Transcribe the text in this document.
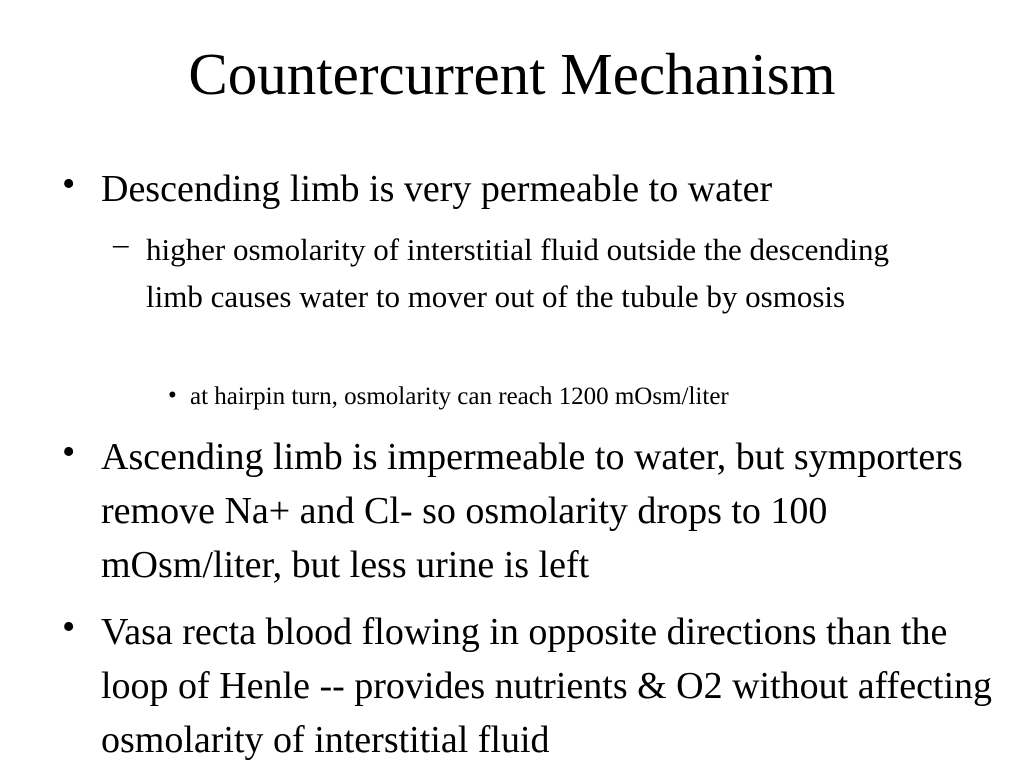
Countercurrent Mechanism
• Descending limb is very permeable to water
– higher osmolarity of interstitial fluid outside the descending limb causes water to mover out of the tubule by osmosis
• at hairpin turn, osmolarity can reach 1200 mOsm/liter
• Ascending limb is impermeable to water, but symporters remove Na+ and Cl- so osmolarity drops to 100 mOsm/liter, but less urine is left
• Vasa recta blood flowing in opposite directions than the loop of Henle -- provides nutrients & O2 without affecting osmolarity of interstitial fluid
